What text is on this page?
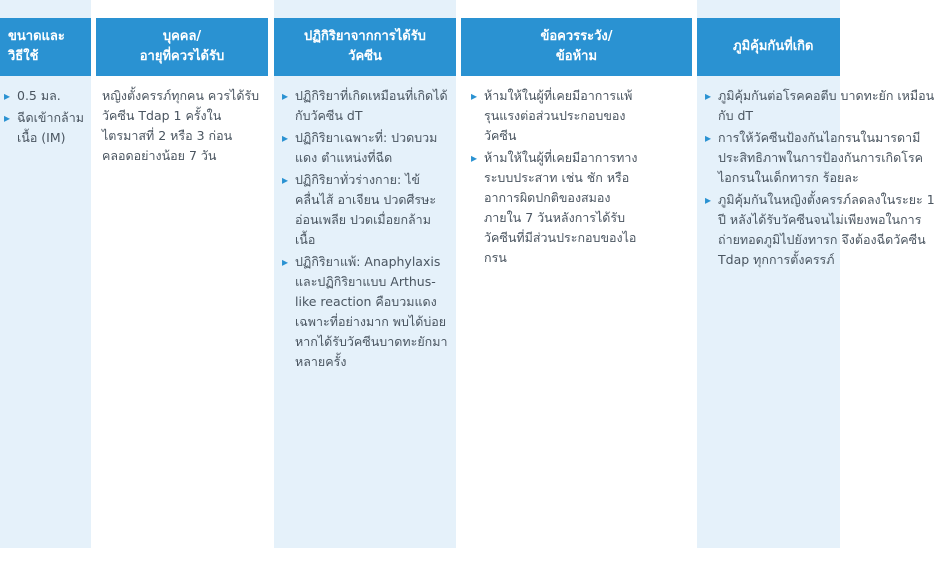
ขนาดและ
วิธีใช้
▸ 0.5 มล.
▸ ฉีดเข้ากล้ามเนื้อ (IM)
บุคคล/
อายุที่ควรได้รับ

หญิงตั้งครรภ์ทุกคน ควรได้รับวัคซีน Tdap 1 ครั้งในไตรมาสที่ 2 หรือ 3 ก่อนคลอดอย่างน้อย 7 วัน

ปฏิกิริยาจากการได้รับ
วัคซีน
▸ ปฏิกิริยาที่เกิดเหมือนที่เกิดได้กับวัคซีน dT
▸ ปฏิกิริยาเฉพาะที่: ปวดบวม แดง ตำแหน่งที่ฉีด
▸ ปฏิกิริยาทั่วร่างกาย: ไข้ คลื่นไส้ อาเจียน ปวดศีรษะ อ่อนเพลีย ปวดเมื่อยกล้ามเนื้อ
▸ ปฏิกิริยาแพ้: Anaphylaxis และปฏิกิริยาแบบ Arthus-like reaction คือบวมแดงเฉพาะที่อย่างมาก พบได้บ่อย หากได้รับวัคซีนบาดทะยักมาหลายครั้ง
ข้อควรระวัง/
ข้อห้าม
▸ ห้ามให้ในผู้ที่เคยมีอาการแพ้รุนแรงต่อส่วนประกอบของวัคซีน
▸ ห้ามให้ในผู้ที่เคยมีอาการทางระบบประสาท เช่น ชัก หรืออาการผิดปกติของสมองภายใน 7 วันหลังการได้รับวัคซีนที่มีส่วนประกอบของไอกรน
ภูมิคุ้มกันที่เกิด
▸ ภูมิคุ้มกันต่อโรคคอตีบ บาดทะยัก เหมือนกับ dT
▸ การให้วัคซีนป้องกันไอกรนในมารดามีประสิทธิภาพในการป้องกันการเกิดโรคไอกรนในเด็กทารก ร้อยละ
▸ ภูมิคุ้มกันในหญิงตั้งครรภ์ลดลงในระยะ 1 ปี หลังได้รับวัคซีนจนไม่เพียงพอในการถ่ายทอดภูมิไปยังทารก จึงต้องฉีดวัคซีน Tdap ทุกการตั้งครรภ์
